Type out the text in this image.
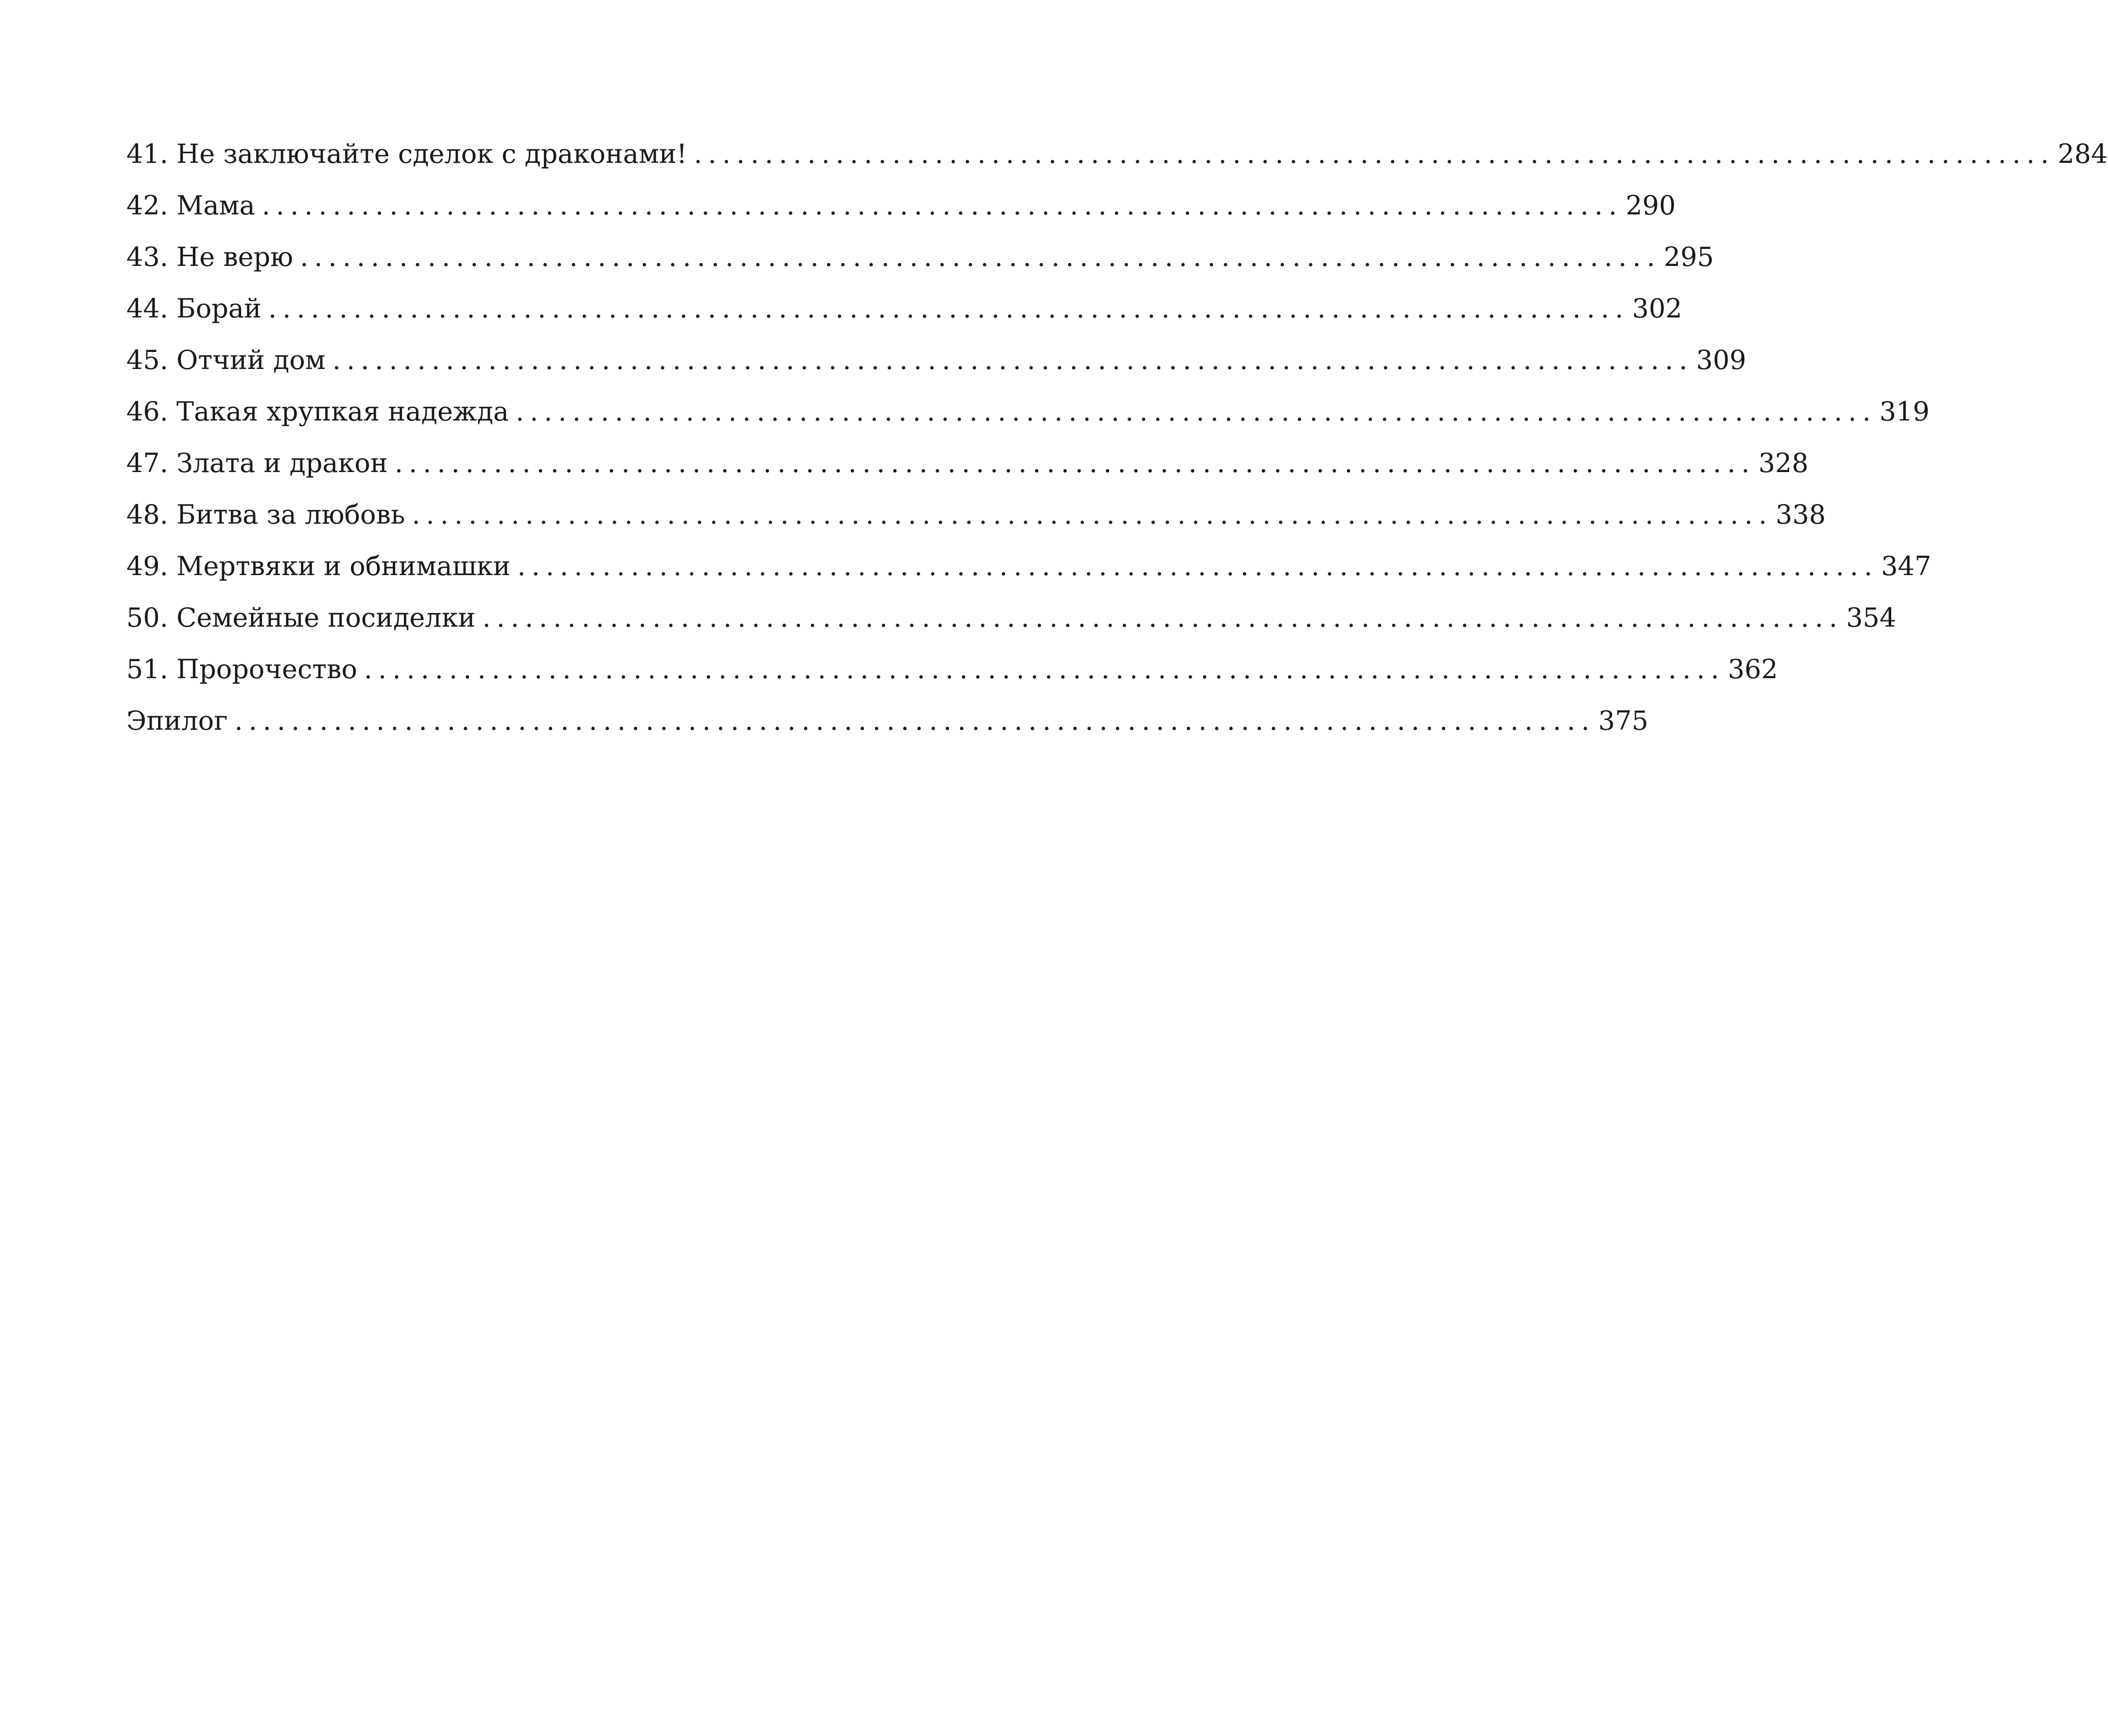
41. Не заключайте сделок с драконами! ................................................................................................ 284
42. Мама ................................................................................................ 290
43. Не верю ................................................................................................ 295
44. Борай ................................................................................................ 302
45. Отчий дом ................................................................................................ 309
46. Такая хрупкая надежда ................................................................................................ 319
47. Злата и дракон ................................................................................................ 328
48. Битва за любовь ................................................................................................ 338
49. Мертвяки и обнимашки ................................................................................................ 347
50. Семейные посиделки ................................................................................................ 354
51. Пророчество ................................................................................................ 362
Эпилог ................................................................................................ 375
